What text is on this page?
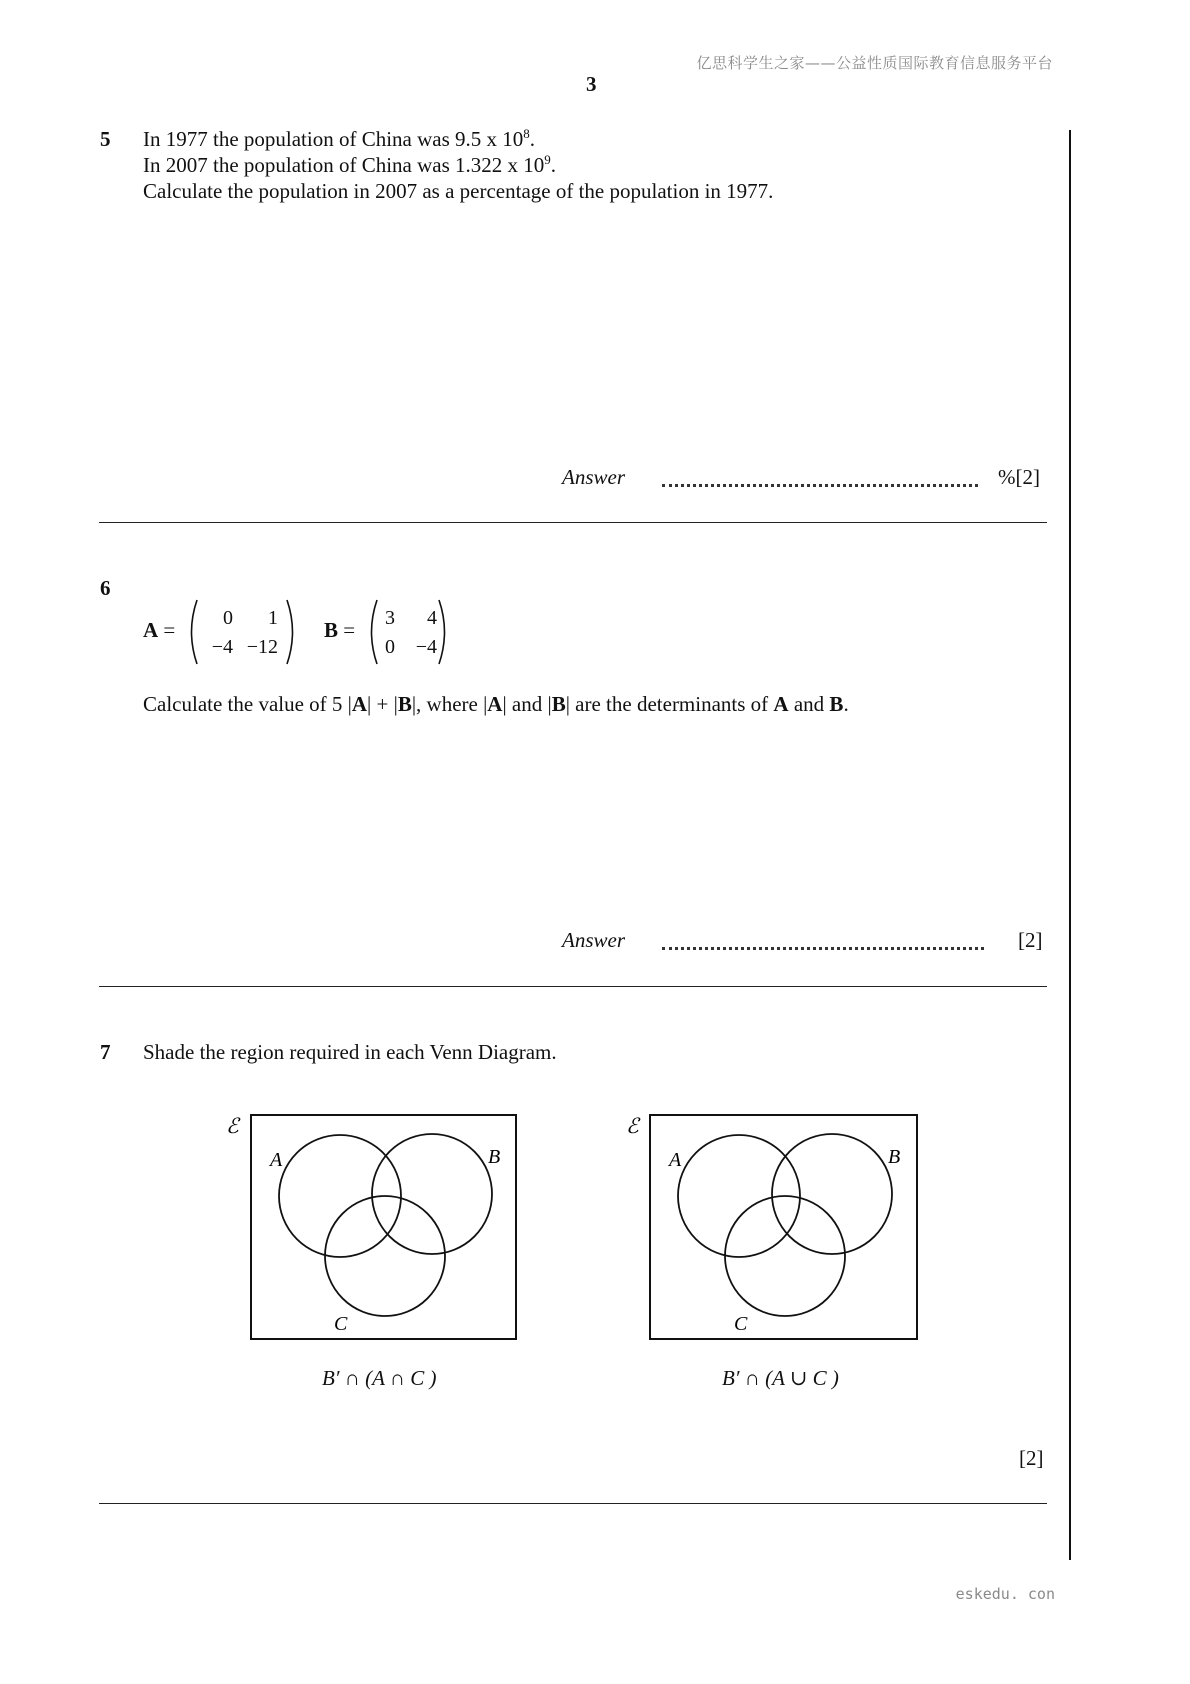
亿思科学生之家——公益性质国际教育信息服务平台
3
5 In 1977 the population of China was 9.5 x $10^8$.
In 2007 the population of China was 1.322 x $10^9$.
Calculate the population in 2007 as a percentage of the population in 1977.
Answer	%[2]
6
A =	0	1
−4 −12
B =	3	4
0	−4
Calculate the value of 5 |A| + |B|, where |A| and |B| are the determinants of A and B.
Answer	[2]
7 Shade the region required in each Venn Diagram.
ℰ
A	B
C
B′ ∩ (A ∩ C )
ℰ
A	B
C
B′ ∩ (A ∪ C )
[2]
eskedu. con
